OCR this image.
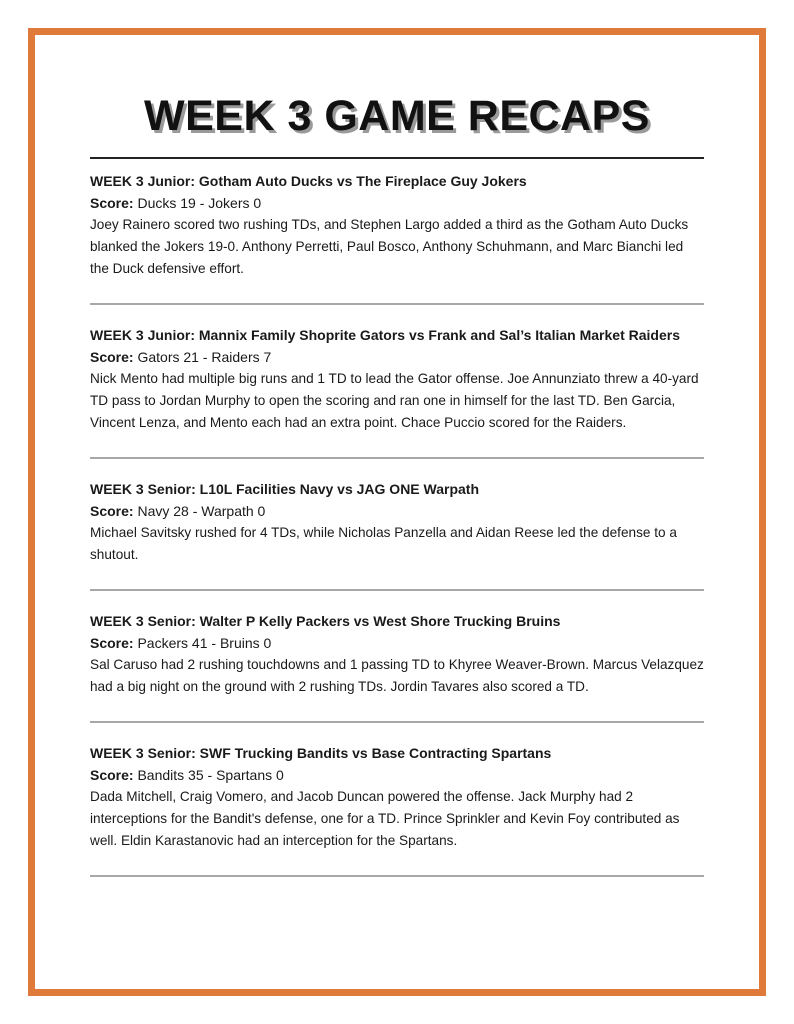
WEEK 3 GAME RECAPS
WEEK 3 Junior: Gotham Auto Ducks vs The Fireplace Guy Jokers
Score: Ducks 19 - Jokers 0

Joey Rainero scored two rushing TDs, and Stephen Largo added a third as the Gotham Auto Ducks blanked the Jokers 19-0. Anthony Perretti, Paul Bosco, Anthony Schuhmann, and Marc Bianchi led the Duck defensive effort.

WEEK 3 Junior: Mannix Family Shoprite Gators vs Frank and Sal’s Italian Market Raiders
Score: Gators 21 - Raiders 7

Nick Mento had multiple big runs and 1 TD to lead the Gator offense. Joe Annunziato threw a 40-yard TD pass to Jordan Murphy to open the scoring and ran one in himself for the last TD. Ben Garcia, Vincent Lenza, and Mento each had an extra point. Chace Puccio scored for the Raiders.

WEEK 3 Senior: L10L Facilities Navy vs JAG ONE Warpath
Score: Navy 28 - Warpath 0

Michael Savitsky rushed for 4 TDs, while Nicholas Panzella and Aidan Reese led the defense to a shutout.

WEEK 3 Senior: Walter P Kelly Packers vs West Shore Trucking Bruins
Score: Packers 41 - Bruins 0

Sal Caruso had 2 rushing touchdowns and 1 passing TD to Khyree Weaver-Brown. Marcus Velazquez had a big night on the ground with 2 rushing TDs. Jordin Tavares also scored a TD.

WEEK 3 Senior: SWF Trucking Bandits vs Base Contracting Spartans
Score: Bandits 35 - Spartans 0

Dada Mitchell, Craig Vomero, and Jacob Duncan powered the offense. Jack Murphy had 2 interceptions for the Bandit's defense, one for a TD. Prince Sprinkler and Kevin Foy contributed as well. Eldin Karastanovic had an interception for the Spartans.
